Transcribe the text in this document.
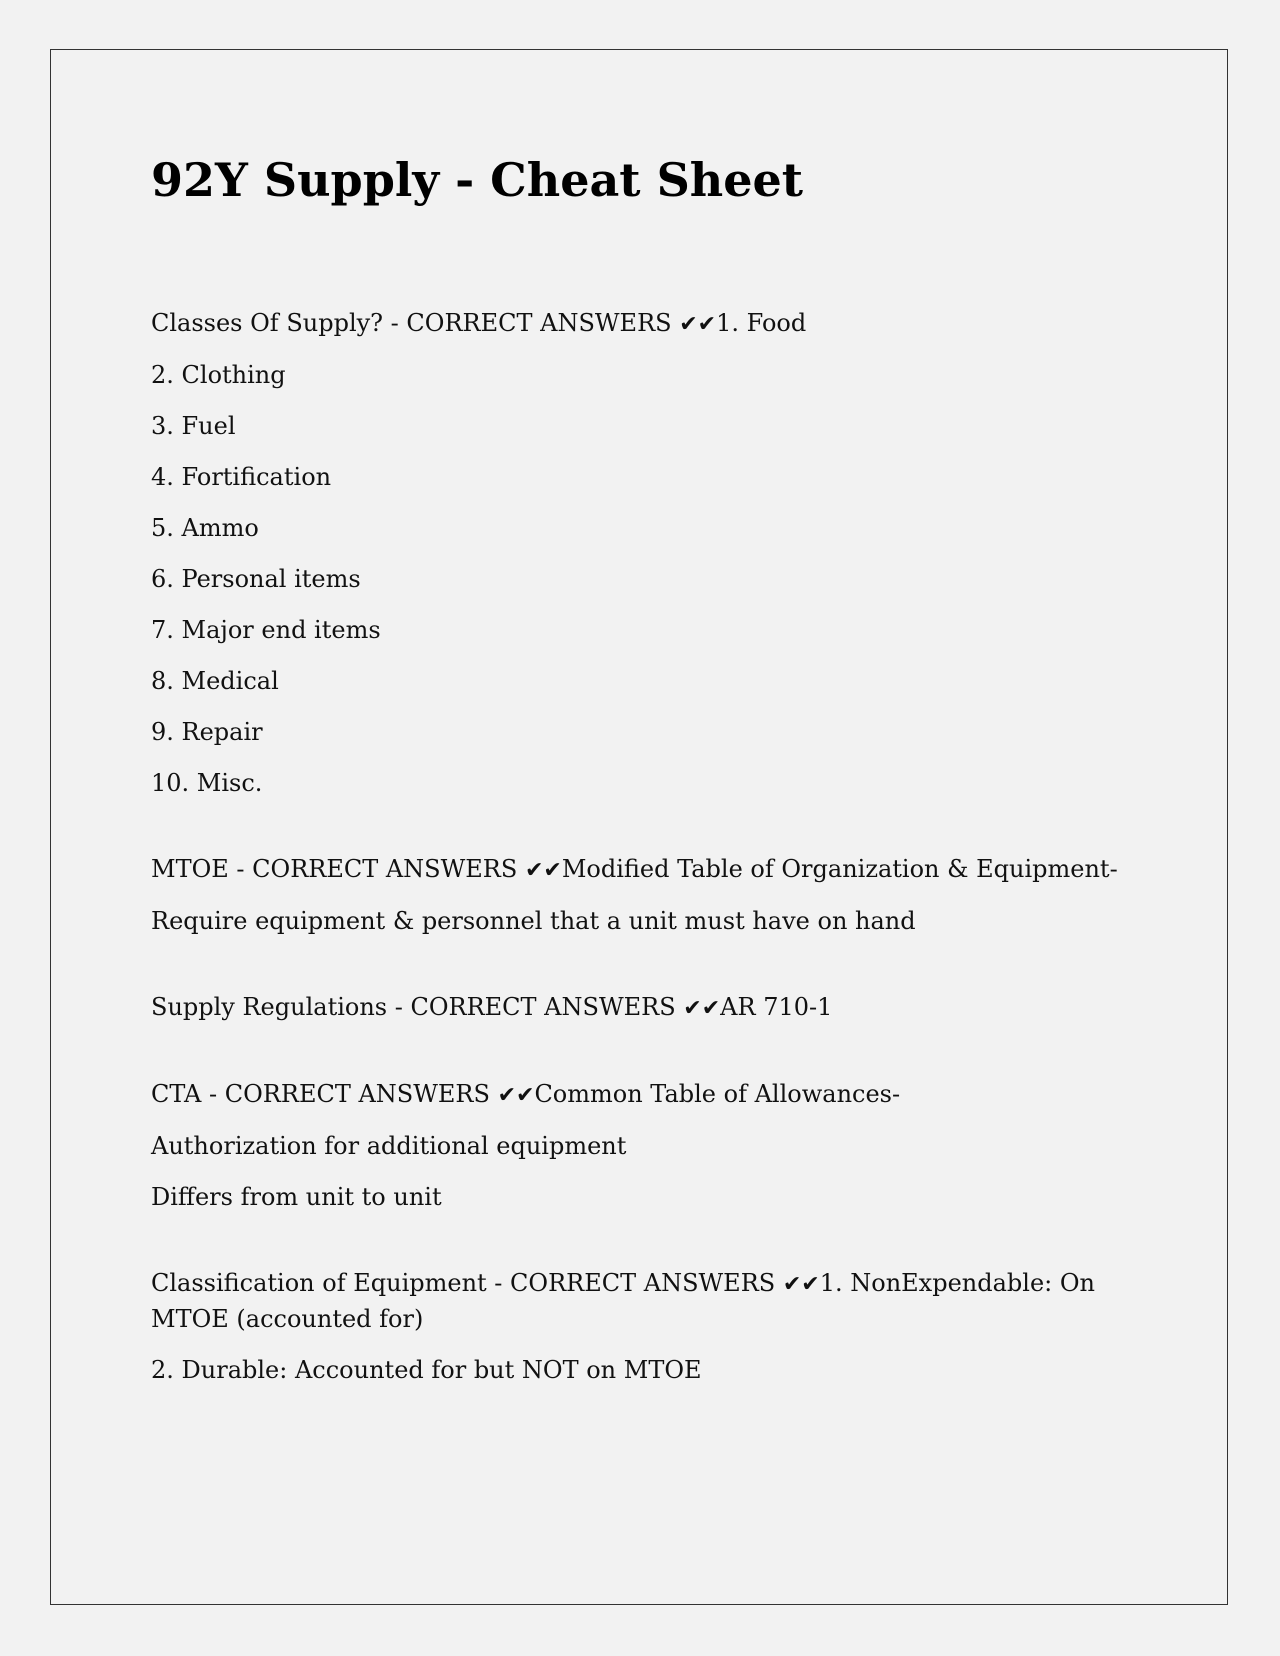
92Y Supply - Cheat Sheet

Classes Of Supply? - CORRECT ANSWERS ✔✔1. Food

2. Clothing

3. Fuel

4. Fortification

5. Ammo

6. Personal items

7. Major end items

8. Medical

9. Repair

10. Misc.

MTOE - CORRECT ANSWERS ✔✔Modified Table of Organization & Equipment-

Require equipment & personnel that a unit must have on hand

Supply Regulations - CORRECT ANSWERS ✔✔AR 710-1

CTA - CORRECT ANSWERS ✔✔Common Table of Allowances-

Authorization for additional equipment

Differs from unit to unit

Classification of Equipment - CORRECT ANSWERS ✔✔1. NonExpendable: On MTOE (accounted for)

2. Durable: Accounted for but NOT on MTOE
